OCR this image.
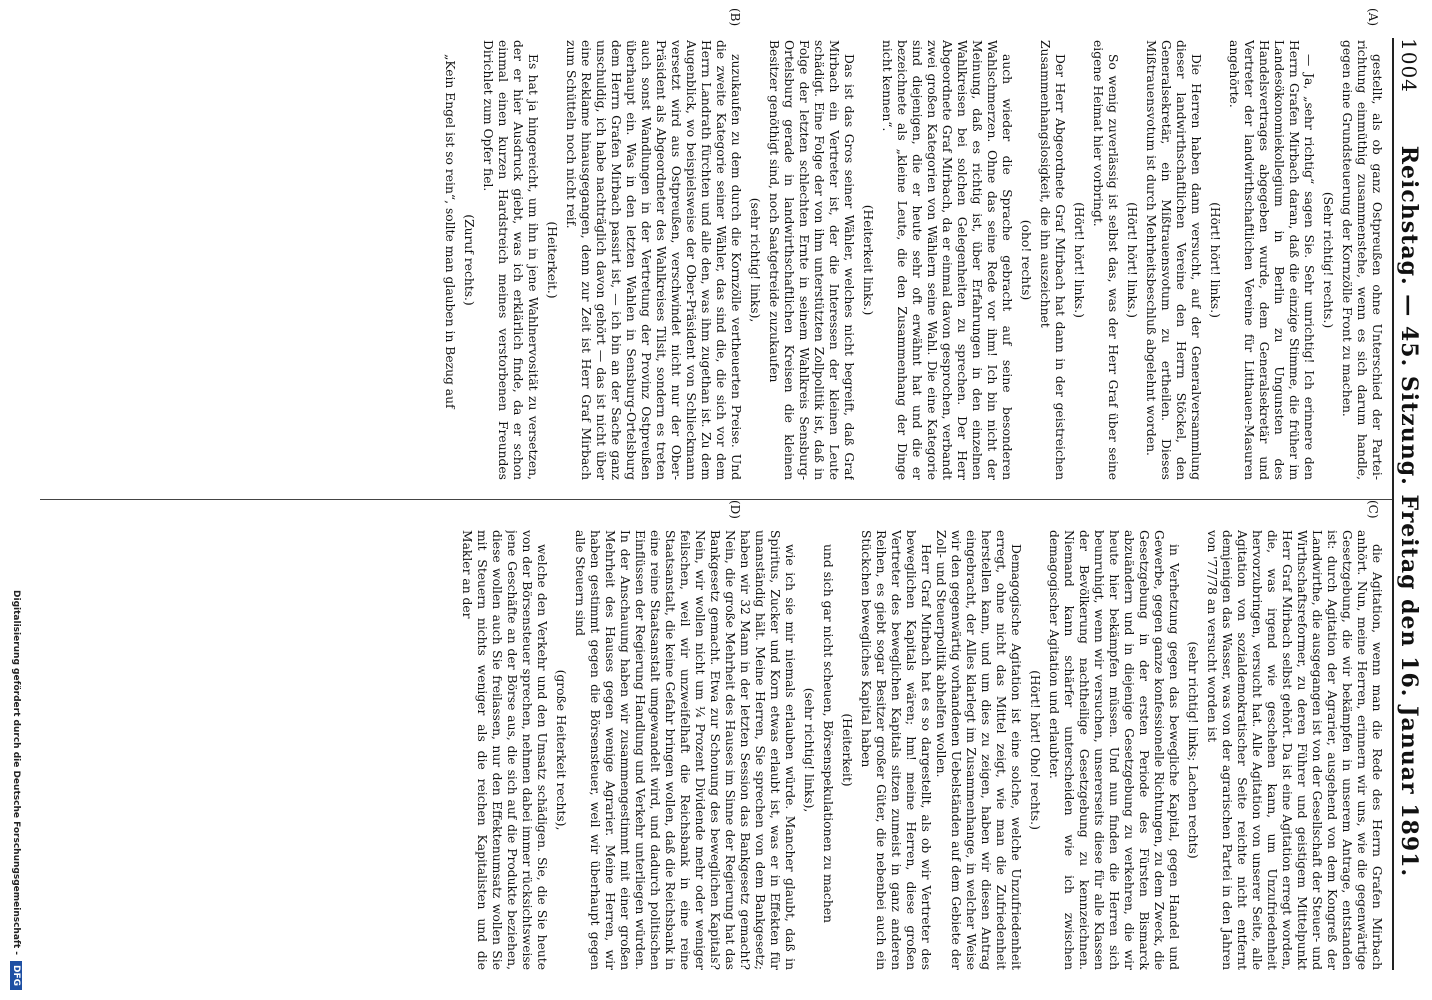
1004
Reichstag. — 45. Sitzung. Freitag den 16. Januar 1891.
(A)
(C)
(B)
(D)

gestellt, als ob ganz Ostpreußen ohne Unterschied der Partei-richtung einmüthig zusammenstehe, wenn es sich darum handle, gegen eine Grundsteuerung der Kornzölle Front zu machen.

(Sehr richtig! rechts.)

— Ja, „sehr richtig“ sagen Sie. Sehr unrichtig! Ich erinnere den Herrn Grafen Mirbach daran, daß die einzige Stimme, die früher im Landesökonomiekollegium in Berlin zu Ungunsten des Handelsvertrages abgegeben wurde, dem Generalsekretär und Vertreter der landwirthschaftlichen Vereine für Litthauen-Masuren angehörte.

(Hört! hört! links.)

Die Herren haben dann versucht, auf der Generalversammlung dieser landwirthschaftlichen Vereine den Herrn Stöckel, den Generalsekretär, ein Mißtrauensvotum zu ertheilen. Dieses Mißtrauensvotum ist durch Mehrheitsbeschluß abgelehnt worden.

(Hört! hört! links.)

So wenig zuverlässig ist selbst das, was der Herr Graf über seine eigene Heimat hier vorbringt.

(Hört! hört! links.)

Der Herr Abgeordnete Graf Mirbach hat dann in der geistreichen Zusammenhangslosigkeit, die ihn auszeichnet

(oho! rechts)

auch wieder die Sprache gebracht auf seine besonderen Wahlschmerzen. Ohne das seine Rede vor ihm! Ich bin nicht der Meinung, daß es richtig ist, über Erfahrungen in den einzelnen Wahlkreisen bei solchen Gelegenheiten zu sprechen. Der Herr Abgeordnete Graf Mirbach, da er einmal davon gesprochen, verbandt zwei großen Kategorien von Wählern seine Wahl. Die eine Kategorie sind diejenigen, die er heute sehr oft erwähnt hat und die er bezeichnete als „kleine Leute, die den Zusammenhang der Dinge nicht kennen“.

(Heiterkeit links.)

Das ist das Gros seiner Wähler, welches nicht begreift, daß Graf Mirbach ein Vertreter ist, der die Interessen der kleinen Leute schädigt. Eine Folge der von ihm unterstützten Zollpolitik ist, daß in Folge der letzten schlechten Ernte in seinem Wahlkreis Sensburg-Ortelsburg gerade in landwirthschaftlichen Kreisen die kleinen Besitzer genöthigt sind, noch Saatgetreide zuzukaufen

(sehr richtig! links),

zuzukaufen zu dem durch die Kornzölle vertheuerten Preise. Und die zweite Kategorie seiner Wähler, das sind die, die sich vor dem Herrn Landrath fürchten und alle den, was ihm zugethan ist. Zu dem Augenblick, wo beispielsweise der Ober-Präsident von Schlieckmann versetzt wird aus Ostpreußen, verschwindet nicht nur der Ober-Präsident als Abgeordneter des Wahlkreises Tilsit, sondern es treten auch sonst Wandlungen in der Vertretung der Provinz Ostpreußen überhaupt ein. Was in den letzten Wahlen in Sensburg-Ortelsburg dem Herrn Grafen Mirbach passirt ist, — ich bin an der Sache ganz unschuldig, ich habe nachträglich davon gehört — das ist nicht über eine Reklame hinausgegangen, denn zur Zeit ist Herr Graf Mirbach zum Schütteln noch nicht reif.

(Heiterkeit.)

Es hat ja hingereicht, um ihn in jene Wahlnervosität zu versetzen, der er hier Ausdruck giebt, was ich erklärlich finde, da er schon einmal einen kurzen Hardstreich meines verstorbenen Freundes Dirichlet zum Opfer fiel.

(Zuruf rechts.)

„Kein Engel ist so rein“, sollte man glauben in Bezug auf

die Agitation, wenn man die Rede des Herrn Grafen Mirbach anhört. Nun, meine Herren, erinnern wir uns, wie die gegenwärtige Gesetzgebung, die wir bekämpfen in unserem Antrage, entstanden ist: durch Agitation der Agrarier, ausgehend von dem Kongreß der Landwirthe, die ausgegangen ist von der Gesellschaft der Steuer- und Wirthschaftsreformer, zu deren Führer und geistigem Mittelpunkt Herr Graf Mirbach selbst gehört. Da ist eine Agitation erregt worden, die, was irgend wie geschehen kann, um Unzufriedenheit hervorzubringen, versucht hat. Alle Agitation von unserer Seite, alle Agitation von sozialdemokratischer Seite reichte nicht entfernt demjenigen das Wasser, was von der agrarischen Partei in den Jahren von '77/78 an versucht worden ist

(sehr richtig! links; Lachen rechts)

in Verhetzung gegen das bewegliche Kapital, gegen Handel und Gewerbe, gegen ganze konfessionelle Richtungen, zu dem Zweck, die Gesetzgebung in der ersten Periode des Fürsten Bismarck abzuändern und in diejenige Gesetzgebung zu verkehren, die wir heute hier bekämpfen müssen. Und nun finden die Herren sich beunruhigt, wenn wir versuchen, unsererseits diese für alle Klassen der Bevölkerung nachtheilige Gesetzgebung zu kennzeichnen. Niemand kann schärfer unterscheiden wie ich zwischen demagogischer Agitation und erlaubter.

(Hört! hört! Oho! rechts.)

Demagogische Agitation ist eine solche, welche Unzufriedenheit erregt, ohne nicht das Mittel zeigt, wie man die Zufriedenheit herstellen kann, und um dies zu zeigen, haben wir diesen Antrag eingebracht, der Alles klarlegt im Zusammenhange, in welcher Weise wir den gegenwärtig vorhandenen Uebelständen auf dem Gebiete der Zoll- und Steuerpolitik abhelfen wollen.

Herr Graf Mirbach hat es so dargestellt, als ob wir Vertreter des beweglichen Kapitals wären; hm! meine Herren, diese großen Vertreter des beweglichen Kapitals sitzen zumeist in ganz anderen Reihen, es giebt sogar Besitzer großer Güter, die nebenbei auch ein Stückchen bewegliches Kapital haben

(Heiterkeit)

und sich gar nicht scheuen, Börsenspekulationen zu machen

(sehr richtig! links),

wie ich sie mir niemals erlauben würde. Mancher glaubt, daß in Spiritus, Zucker und Korn etwas erlaubt ist, was er in Effekten für unanständig hält. Meine Herren, Sie sprechen von dem Bankgesetz; haben wir 32 Mann in der letzten Session das Bankgesetz gemacht? Nein, die große Mehrheit des Hauses im Sinne der Regierung hat das Bankgesetz gemacht. Etwa zur Schonung des beweglichen Kapitals? Nein, wir wollen nicht um ¼ Prozent Dividende mehr oder weniger feilschen, weil wir unzweifelhaft die Reichsbank in eine reine Staatsanstalt, die keine Gefahr bringen wollen, daß die Reichsbank in eine reine Staatsanstalt umgewandelt wird, und dadurch politischen Einflüssen der Regierung Handlung und Verkehr unterliegen würden. In der Anschauung haben wir zusammengestimmt mit einer großen Mehrheit des Hauses gegen wenige Agrarier. Meine Herren, wir haben gestimmt gegen die Börsensteuer, weil wir überhaupt gegen alle Steuern sind

(große Heiterkeit rechts),

welche den Verkehr und den Umsatz schädigen. Sie, die Sie heute von der Börsensteuer sprechen, nehmen dabei immer rücksichtsweise jene Geschäfte an der Börse aus, die sich auf die Produkte beziehen, diese wollen auch Sie freilassen, nur den Effektenumsatz wollen Sie mit Steuern nichts weniger als die reichen Kapitalisten und die Makler an der

Digitalisierung gefördert durch die Deutsche Forschungsgemeinschaft -
DFG
